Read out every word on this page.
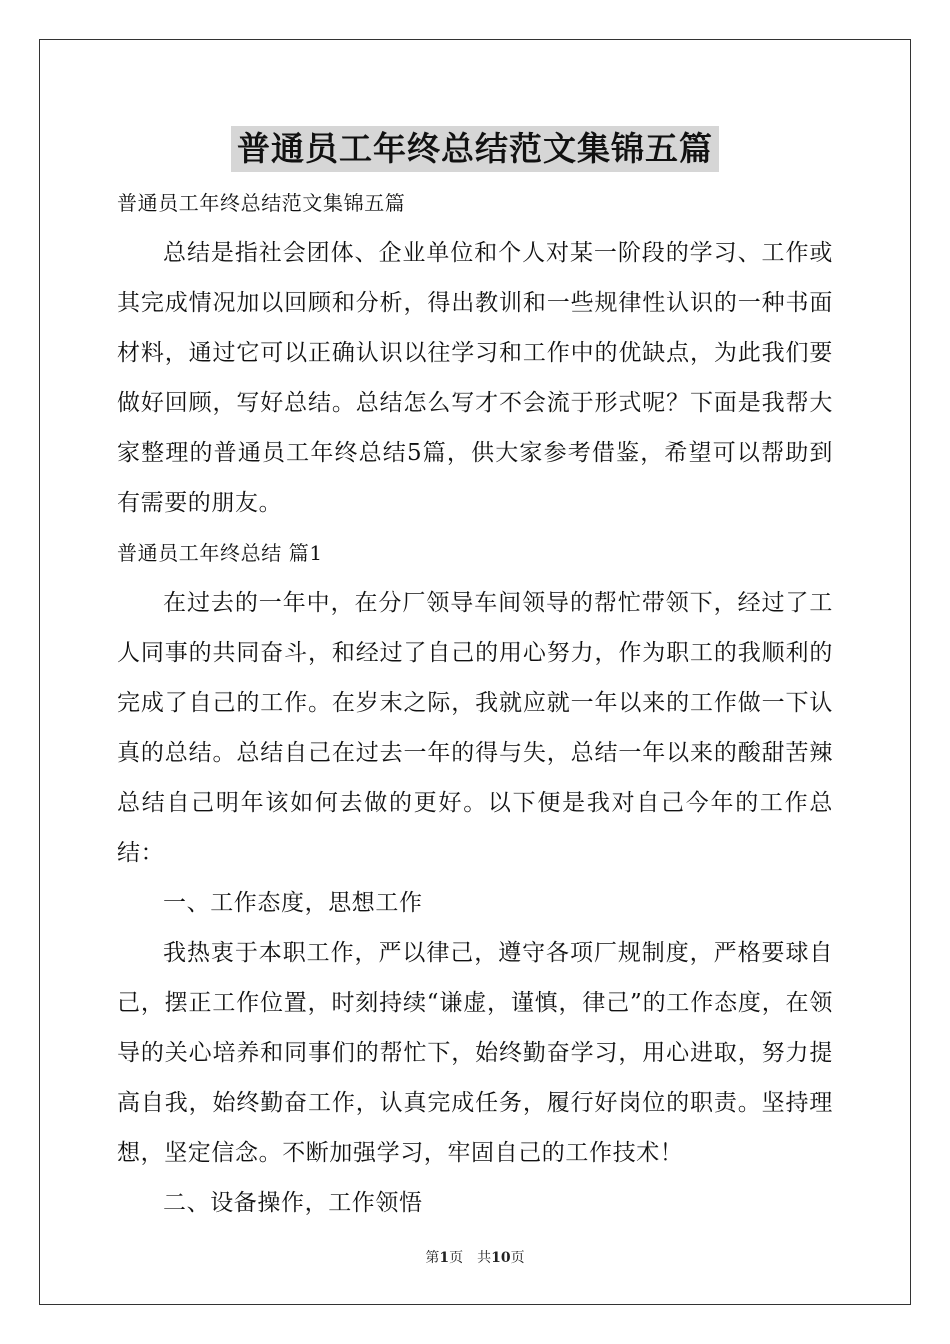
普通员工年终总结范文集锦五篇

普通员工年终总结范文集锦五篇

总结是指社会团体、企业单位和个人对某一阶段的学习、工作或其完成情况加以回顾和分析，得出教训和一些规律性认识的一种书面材料，通过它可以正确认识以往学习和工作中的优缺点，为此我们要做好回顾，写好总结。总结怎么写才不会流于形式呢？下面是我帮大家整理的普通员工年终总结5篇，供大家参考借鉴，希望可以帮助到有需要的朋友。

普通员工年终总结 篇1

在过去的一年中，在分厂领导车间领导的帮忙带领下，经过了工人同事的共同奋斗，和经过了自己的用心努力，作为职工的我顺利的完成了自己的工作。在岁末之际，我就应就一年以来的工作做一下认真的总结。总结自己在过去一年的得与失，总结一年以来的酸甜苦辣总结自己明年该如何去做的更好。以下便是我对自己今年的工作总结：

一、工作态度，思想工作

我热衷于本职工作，严以律己，遵守各项厂规制度，严格要球自己，摆正工作位置，时刻持续“谦虚，谨慎，律己”的工作态度，在领导的关心培养和同事们的帮忙下，始终勤奋学习，用心进取，努力提高自我，始终勤奋工作，认真完成任务，履行好岗位的职责。坚持理想，坚定信念。不断加强学习，牢固自己的工作技术！

二、设备操作，工作领悟

第1页 共10页
